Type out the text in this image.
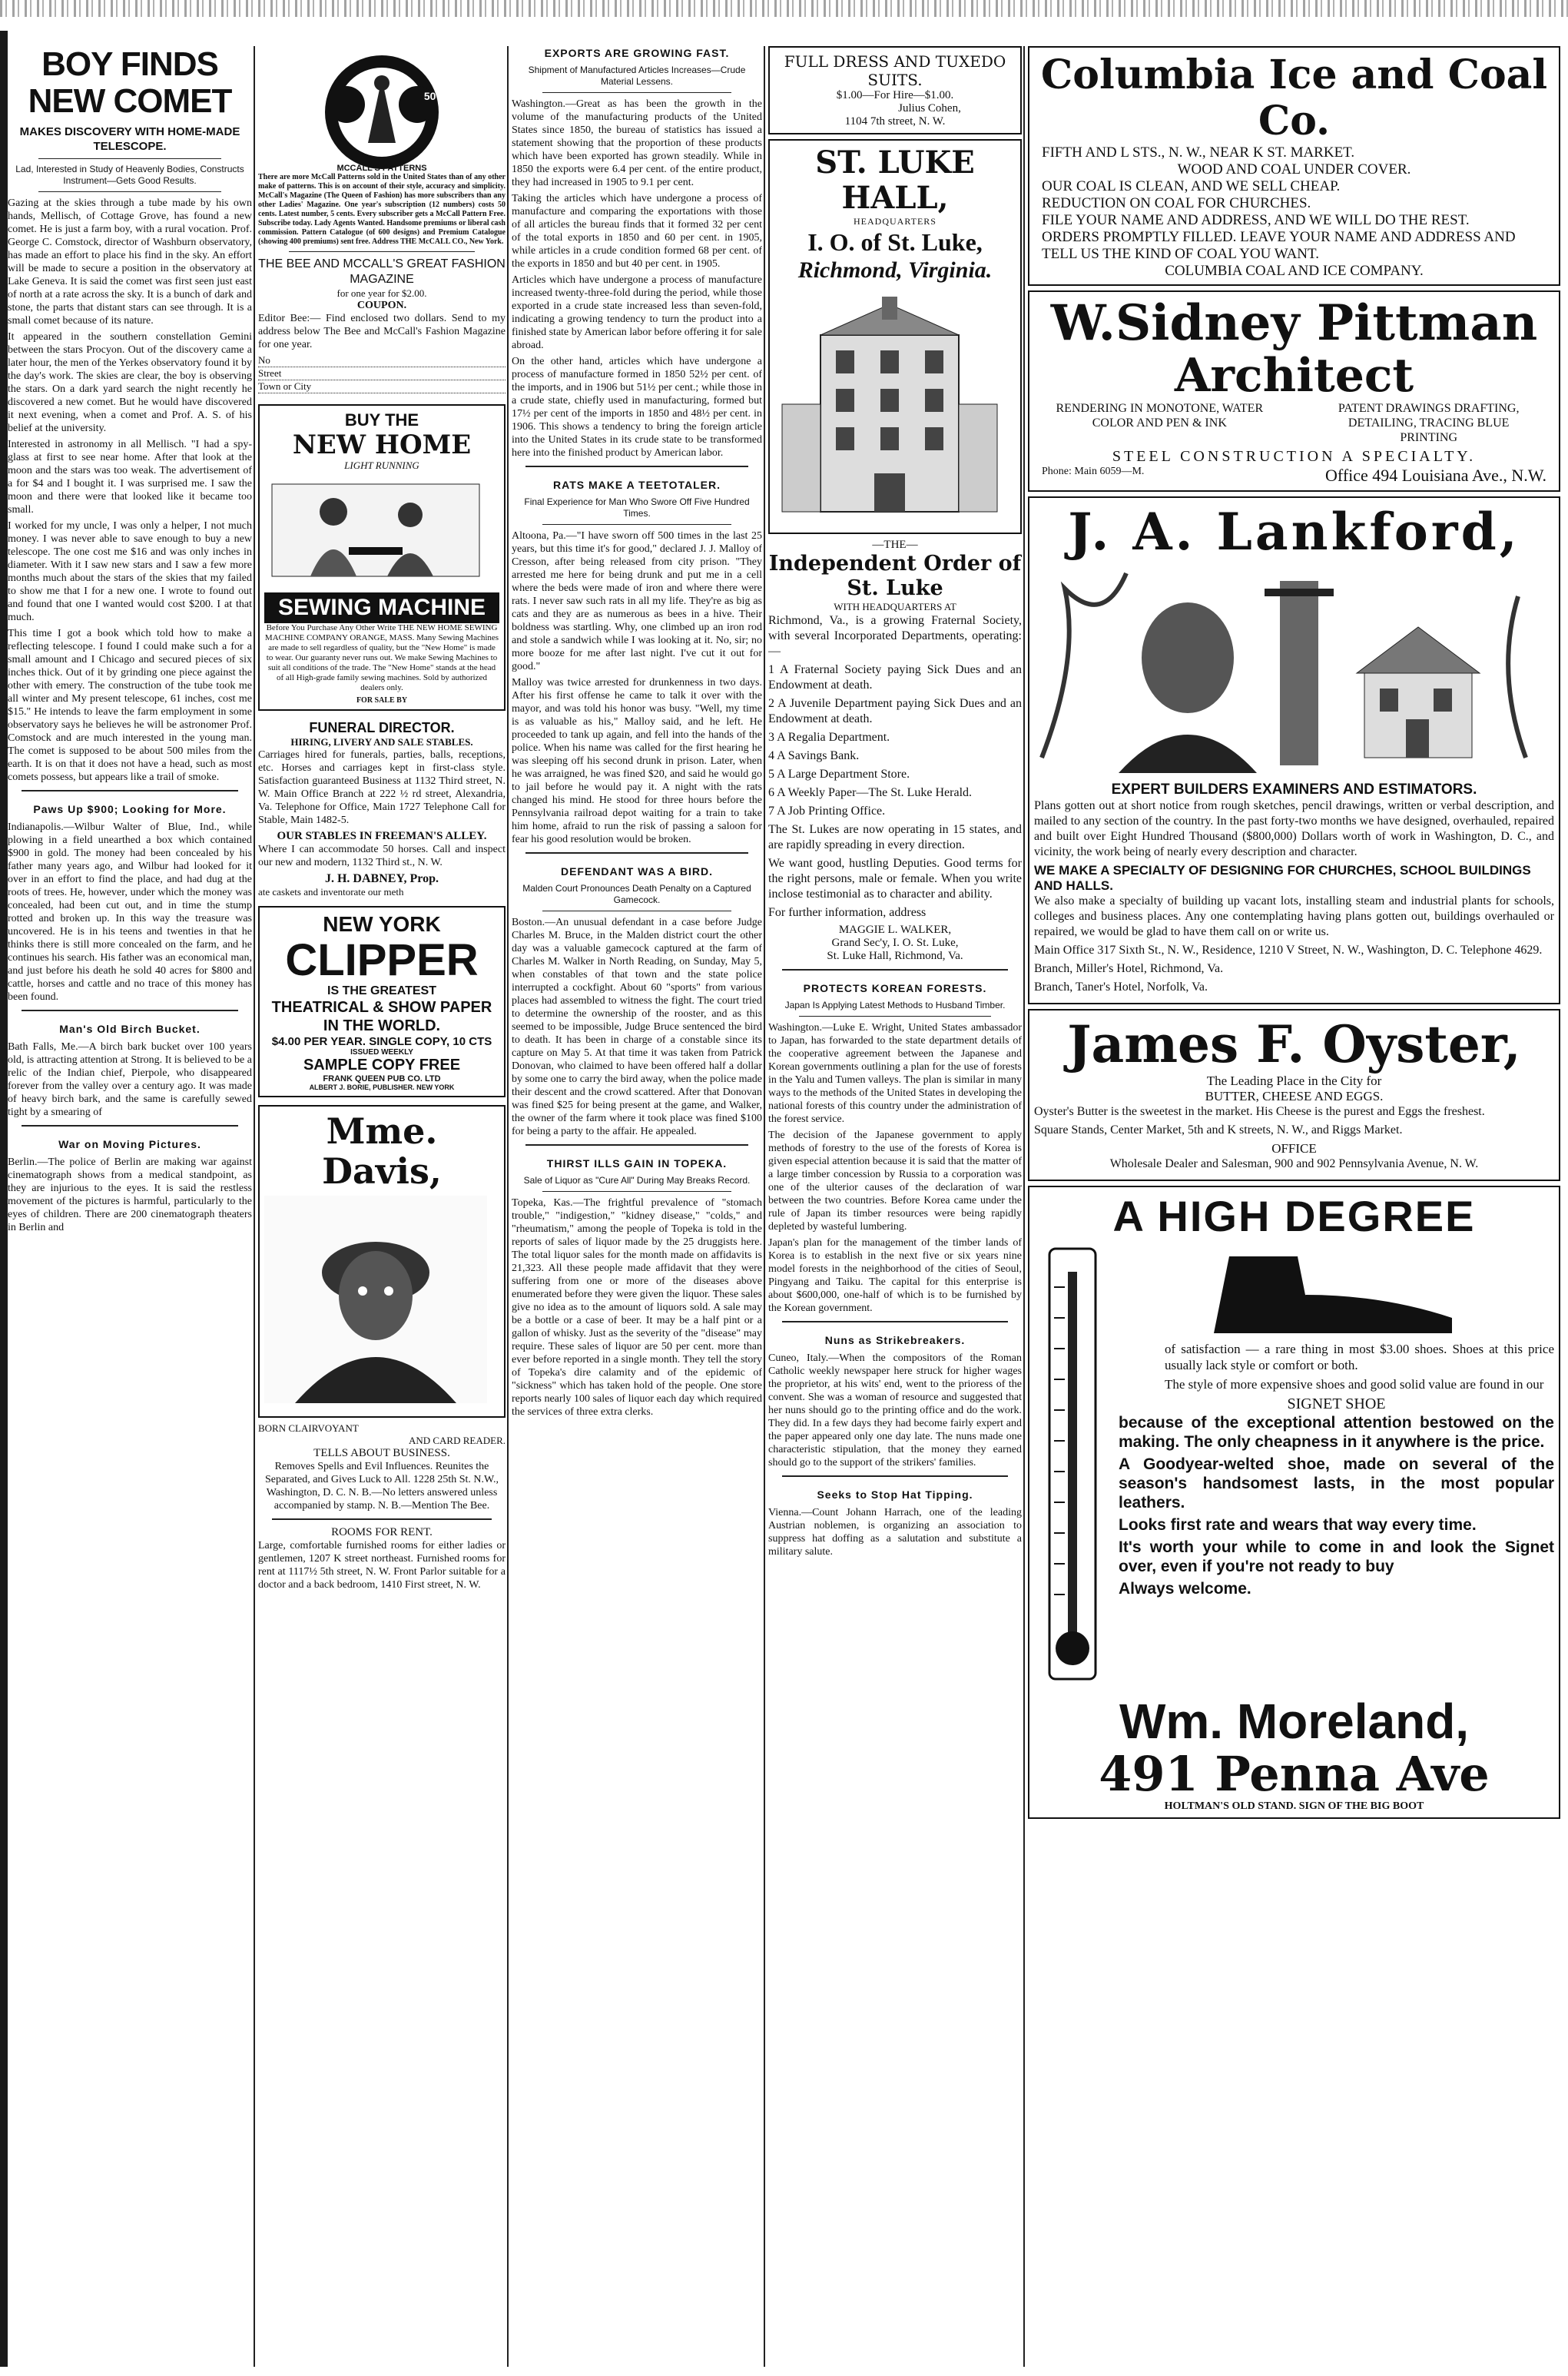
BOY FINDS NEW COMET
MAKES DISCOVERY WITH HOME-MADE TELESCOPE.
Lad, Interested in Study of Heavenly Bodies, Constructs Instrument—Gets Good Results.

Gazing at the skies through a tube made by his own hands, Mellisch, of Cottage Grove, has found a new comet. He is just a farm boy, with a rural vocation. Prof. George C. Comstock, director of Washburn observatory, has made an effort to place his find in the sky. An effort will be made to secure a position in the observatory at Lake Geneva. It is said the comet was first seen just east of north at a rate across the sky. It is a bunch of dark and stone, the parts that distant stars can see through. It is a small comet because of its nature.

It appeared in the southern constellation Gemini between the stars Procyon. Out of the discovery came a later hour, the men of the Yerkes observatory found it by the day's work. The skies are clear, the boy is observing the stars. On a dark yard search the night recently he discovered a new comet. But he would have discovered it next evening, when a comet and Prof. A. S. of his belief at the university.

Interested in astronomy in all Mellisch. "I had a spy-glass at first to see near home. After that look at the moon and the stars was too weak. The advertisement of a for $4 and I bought it. I was surprised me. I saw the moon and there were that looked like it became too small.

I worked for my uncle, I was only a helper, I not much money. I was never able to save enough to buy a new telescope. The one cost me $16 and was only inches in diameter. With it I saw new stars and I saw a few more months much about the stars of the skies that my failed to show me that I for a new one. I wrote to found out and found that one I wanted would cost $200. I at that much.

This time I got a book which told how to make a reflecting telescope. I found I could make such a for a small amount and I Chicago and secured pieces of six inches thick. Out of it by grinding one piece against the other with emery. The construction of the tube took me all winter and My present telescope, 61 inches, cost me $15." He intends to leave the farm employment in some observatory says he believes he will be astronomer Prof. Comstock and are much interested in the young man. The comet is supposed to be about 500 miles from the earth. It is on that it does not have a head, such as most comets possess, but appears like a trail of smoke.

Paws Up $900; Looking for More.

Indianapolis.—Wilbur Walter of Blue, Ind., while plowing in a field unearthed a box which contained $900 in gold. The money had been concealed by his father many years ago, and Wilbur had looked for it over in an effort to find the place, and had dug at the roots of trees. He, however, under which the money was concealed, had been cut out, and in time the stump rotted and broken up. In this way the treasure was uncovered. He is in his teens and twenties in that he thinks there is still more concealed on the farm, and he continues his search. His father was an economical man, and just before his death he sold 40 acres for $800 and cattle, horses and cattle and no trace of this money has been found.

Man's Old Birch Bucket.

Bath Falls, Me.—A birch bark bucket over 100 years old, is attracting attention at Strong. It is believed to be a relic of the Indian chief, Pierpole, who disappeared forever from the valley over a century ago. It was made of heavy birch bark, and the same is carefully sewed tight by a smearing of

War on Moving Pictures.

Berlin.—The police of Berlin are making war against cinematograph shows from a medical standpoint, as they are injurious to the eyes. It is said the restless movement of the pictures is harmful, particularly to the eyes of children. There are 200 cinematograph theaters in Berlin and

10 15	50 YEAR
MCCALL'S PATTERNS

There are more McCall Patterns sold in the United States than of any other make of patterns. This is on account of their style, accuracy and simplicity. McCall's Magazine (The Queen of Fashion) has more subscribers than any other Ladies' Magazine. One year's subscription (12 numbers) costs 50 cents. Latest number, 5 cents. Every subscriber gets a McCall Pattern Free. Subscribe today. Lady Agents Wanted. Handsome premiums or liberal cash commission. Pattern Catalogue (of 600 designs) and Premium Catalogue (showing 400 premiums) sent free. Address THE McCALL CO., New York.

THE BEE AND MCCALL'S GREAT FASHION MAGAZINE
for one year for $2.00.
COUPON.

Editor Bee:— Find enclosed two dollars. Send to my address below The Bee and McCall's Fashion Magazine for one year.

No
Street
Town or City
BUY THE
NEW HOME
LIGHT RUNNING
SEWING MACHINE

Before You Purchase Any Other Write THE NEW HOME SEWING MACHINE COMPANY ORANGE, MASS. Many Sewing Machines are made to sell regardless of quality, but the "New Home" is made to wear. Our guaranty never runs out. We make Sewing Machines to suit all conditions of the trade. The "New Home" stands at the head of all High-grade family sewing machines. Sold by authorized dealers only.

FOR SALE BY
FUNERAL DIRECTOR.
HIRING, LIVERY AND SALE STABLES.

Carriages hired for funerals, parties, balls, receptions, etc. Horses and carriages kept in first-class style. Satisfaction guaranteed Business at 1132 Third street, N. W. Main Office Branch at 222 ½ rd street, Alexandria, Va. Telephone for Office, Main 1727 Telephone Call for Stable, Main 1482-5.

OUR STABLES IN FREEMAN'S ALLEY.

Where I can accommodate 50 horses. Call and inspect our new and modern, 1132 Third st., N. W.

J. H. DABNEY, Prop.
ate caskets and inventorate our meth
NEW YORK
CLIPPER
IS THE GREATEST
THEATRICAL & SHOW PAPER IN THE WORLD.
$4.00 PER YEAR. SINGLE COPY, 10 CTS
ISSUED WEEKLY
SAMPLE COPY FREE
FRANK QUEEN PUB CO. LTD
ALBERT J. BORIE, PUBLISHER. NEW YORK
Mme. Davis,
BORN CLAIRVOYANT
AND CARD READER.
TELLS ABOUT BUSINESS.

Removes Spells and Evil Influences. Reunites the Separated, and Gives Luck to All. 1228 25th St. N.W., Washington, D. C. N. B.—No letters answered unless accompanied by stamp. N. B.—Mention The Bee.

ROOMS FOR RENT.

Large, comfortable furnished rooms for either ladies or gentlemen, 1207 K street northeast. Furnished rooms for rent at 1117½ 5th street, N. W. Front Parlor suitable for a doctor and a back bedroom, 1410 First street, N. W.

EXPORTS ARE GROWING FAST.
Shipment of Manufactured Articles Increases—Crude Material Lessens.

Washington.—Great as has been the growth in the volume of the manufacturing products of the United States since 1850, the bureau of statistics has issued a statement showing that the proportion of these products which have been exported has grown steadily. While in 1850 the exports were 6.4 per cent. of the entire product, they had increased in 1905 to 9.1 per cent.

Taking the articles which have undergone a process of manufacture and comparing the exportations with those of all articles the bureau finds that it formed 32 per cent of the total exports in 1850 and 60 per cent. in 1905, while articles in a crude condition formed 68 per cent. of the exports in 1850 and but 40 per cent. in 1905.

Articles which have undergone a process of manufacture increased twenty-three-fold during the period, while those exported in a crude state increased less than seven-fold, indicating a growing tendency to turn the product into a finished state by American labor before offering it for sale abroad.

On the other hand, articles which have undergone a process of manufacture formed in 1850 52½ per cent. of the imports, and in 1906 but 51½ per cent.; while those in a crude state, chiefly used in manufacturing, formed but 17½ per cent of the imports in 1850 and 48½ per cent. in 1906. This shows a tendency to bring the foreign article into the United States in its crude state to be transformed here into the finished product by American labor.

RATS MAKE A TEETOTALER.
Final Experience for Man Who Swore Off Five Hundred Times.

Altoona, Pa.—"I have sworn off 500 times in the last 25 years, but this time it's for good," declared J. J. Malloy of Cresson, after being released from city prison. "They arrested me here for being drunk and put me in a cell where the beds were made of iron and where there were rats. I never saw such rats in all my life. They're as big as cats and they are as numerous as bees in a hive. Their boldness was startling. Why, one climbed up an iron rod and stole a sandwich while I was looking at it. No, sir; no more booze for me after last night. I've cut it out for good."

Malloy was twice arrested for drunkenness in two days. After his first offense he came to talk it over with the mayor, and was told his honor was busy. "Well, my time is as valuable as his," Malloy said, and he left. He proceeded to tank up again, and fell into the hands of the police. When his name was called for the first hearing he was sleeping off his second drunk in prison. Later, when he was arraigned, he was fined $20, and said he would go to jail before he would pay it. A night with the rats changed his mind. He stood for three hours before the Pennsylvania railroad depot waiting for a train to take him home, afraid to run the risk of passing a saloon for fear his good resolution would be broken.

DEFENDANT WAS A BIRD.
Malden Court Pronounces Death Penalty on a Captured Gamecock.

Boston.—An unusual defendant in a case before Judge Charles M. Bruce, in the Malden district court the other day was a valuable gamecock captured at the farm of Charles M. Walker in North Reading, on Sunday, May 5, when constables of that town and the state police interrupted a cockfight. About 60 "sports" from various places had assembled to witness the fight. The court tried to determine the ownership of the rooster, and as this seemed to be impossible, Judge Bruce sentenced the bird to death. It has been in charge of a constable since its capture on May 5. At that time it was taken from Patrick Donovan, who claimed to have been offered half a dollar by some one to carry the bird away, when the police made their descent and the crowd scattered. After that Donovan was fined $25 for being present at the game, and Walker, the owner of the farm where it took place was fined $100 for being a party to the affair. He appealed.

THIRST ILLS GAIN IN TOPEKA.
Sale of Liquor as "Cure All" During May Breaks Record.

Topeka, Kas.—The frightful prevalence of "stomach trouble," "indigestion," "kidney disease," "colds," and "rheumatism," among the people of Topeka is told in the reports of sales of liquor made by the 25 druggists here. The total liquor sales for the month made on affidavits is 21,323. All these people made affidavit that they were suffering from one or more of the diseases above enumerated before they were given the liquor. These sales give no idea as to the amount of liquors sold. A sale may be a bottle or a case of beer. It may be a half pint or a gallon of whisky. Just as the severity of the "disease" may require. These sales of liquor are 50 per cent. more than ever before reported in a single month. They tell the story of Topeka's dire calamity and of the epidemic of "sickness" which has taken hold of the people. One store reports nearly 100 sales of liquor each day which required the services of three extra clerks.

FULL DRESS AND TUXEDO SUITS.
$1.00—For Hire—$1.00.
Julius Cohen,
1104 7th street, N. W.
ST. LUKE HALL,
HEADQUARTERS
I. O. of St. Luke,
Richmond, Virginia.
—THE—
Independent Order of St. Luke
WITH HEADQUARTERS AT

Richmond, Va., is a growing Fraternal Society, with several Incorporated Departments, operating:—

1 A Fraternal Society paying Sick Dues and an Endowment at death.

2 A Juvenile Department paying Sick Dues and an Endowment at death.

3 A Regalia Department.

4 A Savings Bank.

5 A Large Department Store.

6 A Weekly Paper—The St. Luke Herald.

7 A Job Printing Office.

The St. Lukes are now operating in 15 states, and are rapidly spreading in every direction.

We want good, hustling Deputies. Good terms for the right persons, male or female. When you write inclose testimonial as to character and ability.

For further information, address

MAGGIE L. WALKER,
Grand Sec'y, I. O. St. Luke,
St. Luke Hall, Richmond, Va.
PROTECTS KOREAN FORESTS.
Japan Is Applying Latest Methods to Husband Timber.

Washington.—Luke E. Wright, United States ambassador to Japan, has forwarded to the state department details of the cooperative agreement between the Japanese and Korean governments outlining a plan for the use of forests in the Yalu and Tumen valleys. The plan is similar in many ways to the methods of the United States in developing the national forests of this country under the administration of the forest service.

The decision of the Japanese government to apply methods of forestry to the use of the forests of Korea is given especial attention because it is said that the matter of a large timber concession by Russia to a corporation was one of the ulterior causes of the declaration of war between the two countries. Before Korea came under the rule of Japan its timber resources were being rapidly depleted by wasteful lumbering.

Japan's plan for the management of the timber lands of Korea is to establish in the next five or six years nine model forests in the neighborhood of the cities of Seoul, Pingyang and Taiku. The capital for this enterprise is about $600,000, one-half of which is to be furnished by the Korean government.

Nuns as Strikebreakers.

Cuneo, Italy.—When the compositors of the Roman Catholic weekly newspaper here struck for higher wages the proprietor, at his wits' end, went to the prioress of the convent. She was a woman of resource and suggested that her nuns should go to the printing office and do the work. They did. In a few days they had become fairly expert and the paper appeared only one day late. The nuns made one characteristic stipulation, that the money they earned should go to the support of the strikers' families.

Seeks to Stop Hat Tipping.

Vienna.—Count Johann Harrach, one of the leading Austrian noblemen, is organizing an association to suppress hat doffing as a salutation and substitute a military salute.

Columbia Ice and Coal Co.
FIFTH AND L STS., N. W., NEAR K ST. MARKET.
WOOD AND COAL UNDER COVER.
OUR COAL IS CLEAN, AND WE SELL CHEAP.
REDUCTION ON COAL FOR CHURCHES.
FILE YOUR NAME AND ADDRESS, AND WE WILL DO THE REST.
ORDERS PROMPTLY FILLED. LEAVE YOUR NAME AND ADDRESS AND TELL US THE KIND OF COAL YOU WANT.
COLUMBIA COAL AND ICE COMPANY.
W.Sidney Pittman
Architect
RENDERING IN MONOTONE, WATER COLOR AND PEN & INK
PATENT DRAWINGS DRAFTING, DETAILING, TRACING BLUE PRINTING
STEEL CONSTRUCTION A SPECIALTY.
Phone: Main 6059—M.	Office 494 Louisiana Ave., N.W.
J. A. Lankford,
EXPERT BUILDERS EXAMINERS AND ESTIMATORS.

Plans gotten out at short notice from rough sketches, pencil drawings, written or verbal description, and mailed to any section of the country. In the past forty-two months we have designed, overhauled, repaired and built over Eight Hundred Thousand ($800,000) Dollars worth of work in Washington, D. C., and vicinity, the work being of nearly every description and character.

WE MAKE A SPECIALTY OF DESIGNING FOR CHURCHES, SCHOOL BUILDINGS AND HALLS.

We also make a specialty of building up vacant lots, installing steam and industrial plants for schools, colleges and business places. Any one contemplating having plans gotten out, buildings overhauled or repaired, we would be glad to have them call on or write us.

Main Office 317 Sixth St., N. W., Residence, 1210 V Street, N. W., Washington, D. C. Telephone 4629.

Branch, Miller's Hotel, Richmond, Va.

Branch, Taner's Hotel, Norfolk, Va.

James F. Oyster,
The Leading Place in the City for
BUTTER, CHEESE AND EGGS.

Oyster's Butter is the sweetest in the market. His Cheese is the purest and Eggs the freshest.

Square Stands, Center Market, 5th and K streets, N. W., and Riggs Market.

OFFICE

Wholesale Dealer and Salesman, 900 and 902 Pennsylvania Avenue, N. W.

A HIGH DEGREE

of satisfaction — a rare thing in most $3.00 shoes. Shoes at this price usually lack style or comfort or both.

The style of more expensive shoes and good solid value are found in our

SIGNET SHOE

because of the exceptional attention bestowed on the making. The only cheapness in it anywhere is the price.

A Goodyear-welted shoe, made on several of the season's handsomest lasts, in the most popular leathers.

Looks first rate and wears that way every time.

It's worth your while to come in and look the Signet over, even if you're not ready to buy

Always welcome.

Wm. Moreland,
491 Penna Ave
HOLTMAN'S OLD STAND. SIGN OF THE BIG BOOT
